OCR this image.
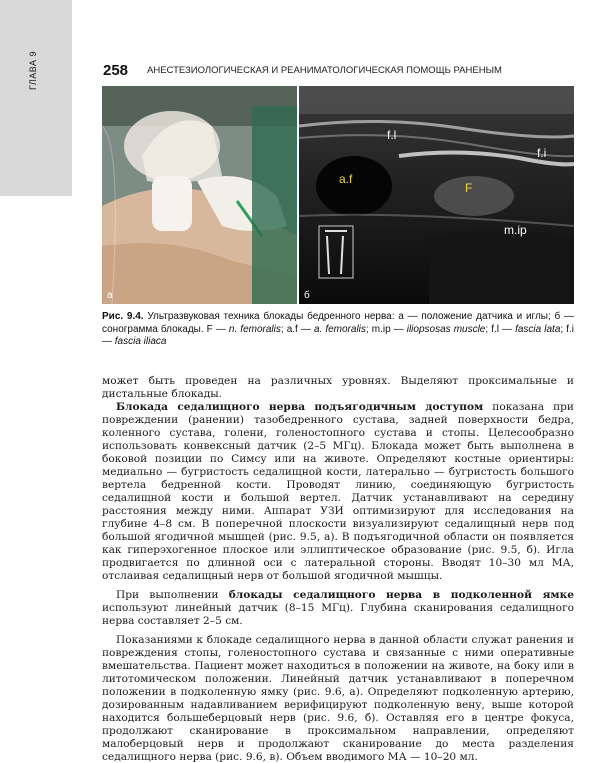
ГЛАВА 9	258 АНЕСТЕЗИОЛОГИЧЕСКАЯ И РЕАНИМАТОЛОГИЧЕСКАЯ ПОМОЩЬ РАНЕНЫМ
а
f.l
f.i
a.f
F
m.ip
б
Рис. 9.4. Ультразвуковая техника блокады бедренного нерва: а — положение датчика и иглы; б — сонограмма блокады. F — n. femoralis; a.f — a. femoralis; m.ip — iliopsosas muscle; f.l — fascia lata; f.i — fascia iliaca

может быть проведен на различных уровнях. Выделяют проксимальные и дистальные блокады.

Блокада седалищного нерва подъягодичным доступом показана при повреждении (ранении) тазобедренного сустава, задней поверхности бедра, коленного сустава, голени, голеностопного сустава и стопы. Целесообразно использовать конвексный датчик (2–5 МГц). Блокада может быть выполнена в боковой позиции по Симсу или на животе. Определяют костные ориентиры: медиально — бугристость седалищной кости, латерально — бугристость большого вертела бедренной кости. Проводят линию, соединяющую бугристость седалищной кости и большой вертел. Датчик устанавливают на середину расстояния между ними. Аппарат УЗИ оптимизируют для исследования на глубине 4–8 см. В поперечной плоскости визуализируют седалищный нерв под большой ягодичной мышцей (рис. 9.5, а). В подъягодичной области он появляется как гиперэхогенное плоское или эллиптическое образование (рис. 9.5, б). Игла продвигается по длинной оси с латеральной стороны. Вводят 10–30 мл МА, отслаивая седалищный нерв от большой ягодичной мышцы.

При выполнении блокады седалищного нерва в подколенной ямке используют линейный датчик (8–15 МГц). Глубина сканирования седалищного нерва составляет 2–5 см.

Показаниями к блокаде седалищного нерва в данной области служат ранения и повреждения стопы, голеностопного сустава и связанные с ними оперативные вмешательства. Пациент может находиться в положении на животе, на боку или в литотомическом положении. Линейный датчик устанавливают в поперечном положении в подколенную ямку (рис. 9.6, а). Определяют подколенную артерию, дозированным надавливанием верифицируют подколенную вену, выше которой находится большеберцовый нерв (рис. 9.6, б). Оставляя его в центре фокуса, продолжают сканирование в проксимальном направлении, определяют малоберцовый нерв и продолжают сканирование до места разделения седалищного нерва (рис. 9.6, в). Объем вводимого МА — 10–20 мл.
